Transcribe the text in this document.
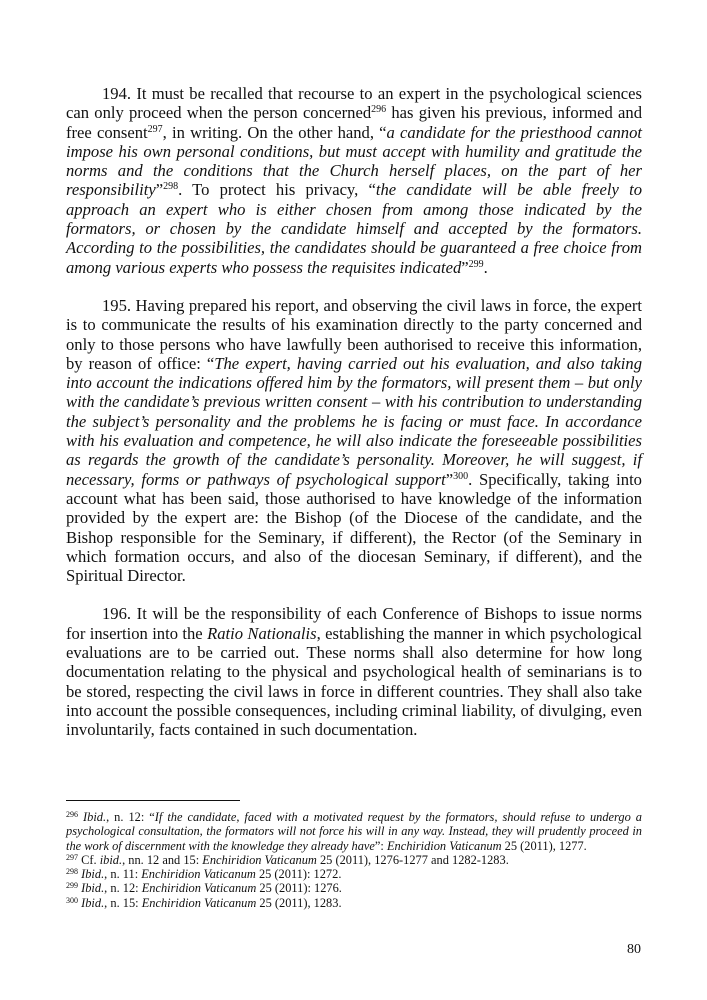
194. It must be recalled that recourse to an expert in the psychological sciences can only proceed when the person concerned$^{296}$ has given his previous, informed and free consent$^{297}$, in writing. On the other hand, “a candidate for the priesthood cannot impose his own personal conditions, but must accept with humility and gratitude the norms and the conditions that the Church herself places, on the part of her responsibility”$^{298}$. To protect his privacy, “the candidate will be able freely to approach an expert who is either chosen from among those indicated by the formators, or chosen by the candidate himself and accepted by the formators. According to the possibilities, the candidates should be guaranteed a free choice from among various experts who possess the requisites indicated”$^{299}$.

195. Having prepared his report, and observing the civil laws in force, the expert is to communicate the results of his examination directly to the party concerned and only to those persons who have lawfully been authorised to receive this information, by reason of office: “The expert, having carried out his evaluation, and also taking into account the indications offered him by the formators, will present them – but only with the candidate’s previous written consent – with his contribution to understanding the subject’s personality and the problems he is facing or must face. In accordance with his evaluation and competence, he will also indicate the foreseeable possibilities as regards the growth of the candidate’s personality. Moreover, he will suggest, if necessary, forms or pathways of psychological support”$^{300}$. Specifically, taking into account what has been said, those authorised to have knowledge of the information provided by the expert are: the Bishop (of the Diocese of the candidate, and the Bishop responsible for the Seminary, if different), the Rector (of the Seminary in which formation occurs, and also of the diocesan Seminary, if different), and the Spiritual Director.

196. It will be the responsibility of each Conference of Bishops to issue norms for insertion into the Ratio Nationalis, establishing the manner in which psychological evaluations are to be carried out. These norms shall also determine for how long documentation relating to the physical and psychological health of seminarians is to be stored, respecting the civil laws in force in different countries. They shall also take into account the possible consequences, including criminal liability, of divulging, even involuntarily, facts contained in such documentation.

$^{296}$ Ibid., n. 12: “If the candidate, faced with a motivated request by the formators, should refuse to undergo a psychological consultation, the formators will not force his will in any way. Instead, they will prudently proceed in the work of discernment with the knowledge they already have”: Enchiridion Vaticanum 25 (2011), 1277.

$^{297}$ Cf. ibid., nn. 12 and 15: Enchiridion Vaticanum 25 (2011), 1276-1277 and 1282-1283.

$^{298}$ Ibid., n. 11: Enchiridion Vaticanum 25 (2011): 1272.

$^{299}$ Ibid., n. 12: Enchiridion Vaticanum 25 (2011): 1276.

$^{300}$ Ibid., n. 15: Enchiridion Vaticanum 25 (2011), 1283.

80
